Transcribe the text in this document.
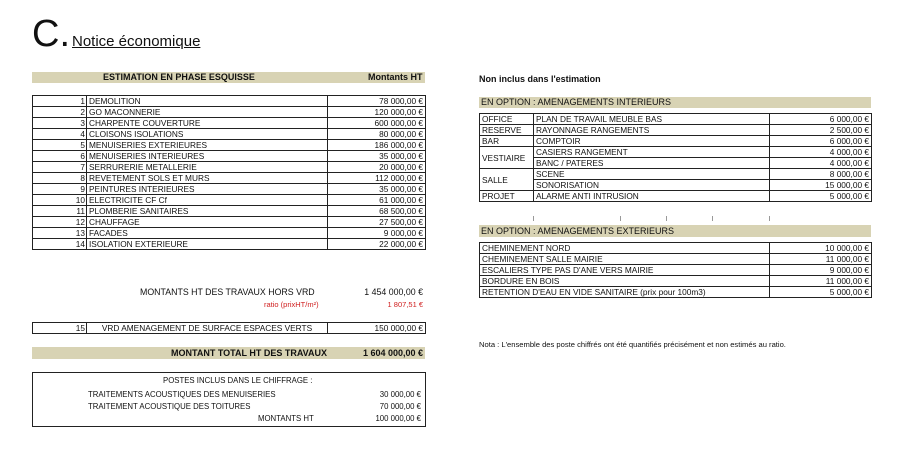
C. Notice économique
ESTIMATION EN PHASE ESQUISSE	Montants HT
1	DEMOLITION	78 000,00 €
2	GO MACONNERIE	120 000,00 €
3	CHARPENTE COUVERTURE	600 000,00 €
4	CLOISONS ISOLATIONS	80 000,00 €
5	MENUISERIES EXTERIEURES	186 000,00 €
6	MENUISERIES INTERIEURES	35 000,00 €
7	SERRURERIE METALLERIE	20 000,00 €
8	REVETEMENT SOLS ET MURS	112 000,00 €
9	PEINTURES INTERIEURES	35 000,00 €
10	ELECTRICITE CF Cf	61 000,00 €
11	PLOMBERIE SANITAIRES	68 500,00 €
12	CHAUFFAGE	27 500,00 €
13	FACADES	9 000,00 €
14	ISOLATION EXTERIEURE	22 000,00 €
MONTANTS HT DES TRAVAUX HORS VRD	1 454 000,00 €
ratio (prixHT/m²)	1 807,51 €
15	VRD AMENAGEMENT DE SURFACE ESPACES VERTS	150 000,00 €
MONTANT TOTAL HT DES TRAVAUX	1 604 000,00 €
POSTES INCLUS DANS LE CHIFFRAGE :
TRAITEMENTS ACOUSTIQUES DES MENUISERIES	30 000,00 €
TRAITEMENT ACOUSTIQUE DES TOITURES	70 000,00 €
MONTANTS HT	100 000,00 €
Non inclus dans l'estimation
EN OPTION : AMENAGEMENTS INTERIEURS
OFFICE	PLAN DE TRAVAIL MEUBLE BAS	6 000,00 €
RESERVE	RAYONNAGE RANGEMENTS	2 500,00 €
BAR	COMPTOIR	6 000,00 €
VESTIAIRE	CASIERS RANGEMENT	4 000,00 €
	BANC / PATERES	4 000,00 €
SALLE	SCENE	8 000,00 €
	SONORISATION	15 000,00 €
PROJET	ALARME ANTI INTRUSION	5 000,00 €
EN OPTION : AMENAGEMENTS EXTERIEURS
CHEMINEMENT NORD	10 000,00 €
CHEMINEMENT SALLE MAIRIE	11 000,00 €
ESCALIERS TYPE PAS D'ANE VERS MAIRIE	9 000,00 €
BORDURE EN BOIS	11 000,00 €
RETENTION D'EAU EN VIDE SANITAIRE (prix pour 100m3)	5 000,00 €
Nota : L'ensemble des poste chiffrés ont été quantifiés précisément et non estimés au ratio.
